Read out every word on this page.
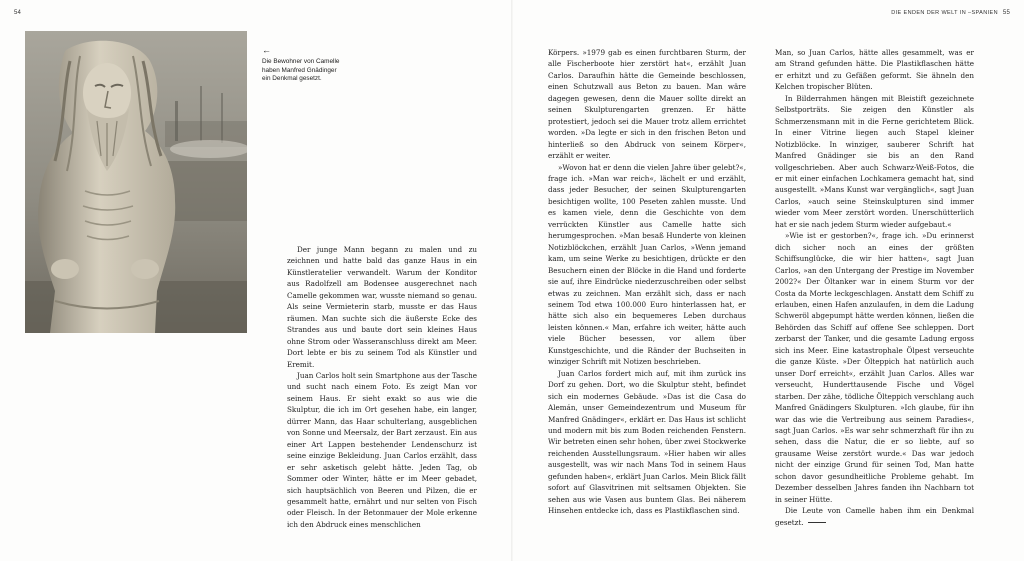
54	DIE ENDEN DER WELT IN –SPANIEN 55
←
Die Bewohner von Camelle
haben Manfred Gnädinger
ein Denkmal gesetzt.

Der junge Mann begann zu malen und zu zeichnen und hatte bald das ganze Haus in ein Künstleratelier verwandelt. Warum der Konditor aus Radolfzell am Bodensee ausgerechnet nach Camelle gekommen war, wusste niemand so genau. Als seine Vermieterin starb, musste er das Haus räumen. Man suchte sich die äußerste Ecke des Strandes aus und baute dort sein kleines Haus ohne Strom oder Wasseranschluss direkt am Meer. Dort lebte er bis zu seinem Tod als Künstler und Eremit.

Juan Carlos holt sein Smartphone aus der Tasche und sucht nach einem Foto. Es zeigt Man vor seinem Haus. Er sieht exakt so aus wie die Skulptur, die ich im Ort gesehen habe, ein langer, dürrer Mann, das Haar schulterlang, ausgeblichen von Sonne und Meersalz, der Bart zerzaust. Ein aus einer Art Lappen bestehender Lendenschurz ist seine einzige Bekleidung. Juan Carlos erzählt, dass er sehr asketisch gelebt hätte. Jeden Tag, ob Sommer oder Winter, hätte er im Meer gebadet, sich hauptsächlich von Beeren und Pilzen, die er gesammelt hatte, ernährt und nur selten von Fisch oder Fleisch. In der Betonmauer der Mole erkenne ich den Abdruck eines menschlichen

Körpers. »1979 gab es einen furchtbaren Sturm, der alle Fischerboote hier zerstört hat«, erzählt Juan Carlos. Daraufhin hätte die Gemeinde beschlossen, einen Schutzwall aus Beton zu bauen. Man wäre dagegen gewesen, denn die Mauer sollte direkt an seinen Skulpturengarten grenzen. Er hätte protestiert, jedoch sei die Mauer trotz allem errichtet worden. »Da legte er sich in den frischen Beton und hinterließ so den Abdruck von seinem Körper«, erzählt er weiter.

»Wovon hat er denn die vielen Jahre über gelebt?«, frage ich. »Man war reich«, lächelt er und erzählt, dass jeder Besucher, der seinen Skulpturengarten besichtigen wollte, 100 Peseten zahlen musste. Und es kamen viele, denn die Geschichte von dem verrückten Künstler aus Camelle hatte sich herumgesprochen. »Man besaß Hunderte von kleinen Notizblöckchen, erzählt Juan Carlos, »Wenn jemand kam, um seine Werke zu besichtigen, drückte er den Besuchern einen der Blöcke in die Hand und forderte sie auf, ihre Eindrücke niederzuschreiben oder selbst etwas zu zeichnen. Man erzählt sich, dass er nach seinem Tod etwa 100.000 Euro hinterlassen hat, er hätte sich also ein bequemeres Leben durchaus leisten können.« Man, erfahre ich weiter, hätte auch viele Bücher besessen, vor allem über Kunstgeschichte, und die Ränder der Buchseiten in winziger Schrift mit Notizen beschrieben.

Juan Carlos fordert mich auf, mit ihm zurück ins Dorf zu gehen. Dort, wo die Skulptur steht, befindet sich ein modernes Gebäude. »Das ist die Casa do Alemán, unser Gemeindezentrum und Museum für Manfred Gnädinger«, erklärt er. Das Haus ist schlicht und modern mit bis zum Boden reichenden Fenstern. Wir betreten einen sehr hohen, über zwei Stockwerke reichenden Ausstellungsraum. »Hier haben wir alles ausgestellt, was wir nach Mans Tod in seinem Haus gefunden haben«, erklärt Juan Carlos. Mein Blick fällt sofort auf Glasvitrinen mit seltsamen Objekten. Sie sehen aus wie Vasen aus buntem Glas. Bei näherem Hinsehen entdecke ich, dass es Plastikflaschen sind.

Man, so Juan Carlos, hätte alles gesammelt, was er am Strand gefunden hätte. Die Plastikflaschen hätte er erhitzt und zu Gefäßen geformt. Sie ähneln den Kelchen tropischer Blüten.

In Bilderrahmen hängen mit Bleistift gezeichnete Selbstporträts. Sie zeigen den Künstler als Schmerzensmann mit in die Ferne gerichtetem Blick. In einer Vitrine liegen auch Stapel kleiner Notizblöcke. In winziger, sauberer Schrift hat Manfred Gnädinger sie bis an den Rand vollgeschrieben. Aber auch Schwarz-Weiß-Fotos, die er mit einer einfachen Lochkamera gemacht hat, sind ausgestellt. »Mans Kunst war vergänglich«, sagt Juan Carlos, »auch seine Steinskulpturen sind immer wieder vom Meer zerstört worden. Unerschütterlich hat er sie nach jedem Sturm wieder aufgebaut.«

»Wie ist er gestorben?«, frage ich. »Du erinnerst dich sicher noch an eines der größten Schiffsunglücke, die wir hier hatten«, sagt Juan Carlos, »an den Untergang der Prestige im November 2002?« Der Öltanker war in einem Sturm vor der Costa da Morte leckgeschlagen. Anstatt dem Schiff zu erlauben, einen Hafen anzulaufen, in dem die Ladung Schweröl abgepumpt hätte werden können, ließen die Behörden das Schiff auf offene See schleppen. Dort zerbarst der Tanker, und die gesamte Ladung ergoss sich ins Meer. Eine katastrophale Ölpest verseuchte die ganze Küste. »Der Ölteppich hat natürlich auch unser Dorf erreicht«, erzählt Juan Carlos. Alles war verseucht, Hunderttausende Fische und Vögel starben. Der zähe, tödliche Ölteppich verschlang auch Manfred Gnädingers Skulpturen. »Ich glaube, für ihn war das wie die Vertreibung aus seinem Paradies«, sagt Juan Carlos. »Es war sehr schmerzhaft für ihn zu sehen, dass die Natur, die er so liebte, auf so grausame Weise zerstört wurde.« Das war jedoch nicht der einzige Grund für seinen Tod, Man hatte schon davor gesundheitliche Probleme gehabt. Im Dezember desselben Jahres fanden ihn Nachbarn tot in seiner Hütte.

Die Leute von Camelle haben ihm ein Denkmal gesetzt.
